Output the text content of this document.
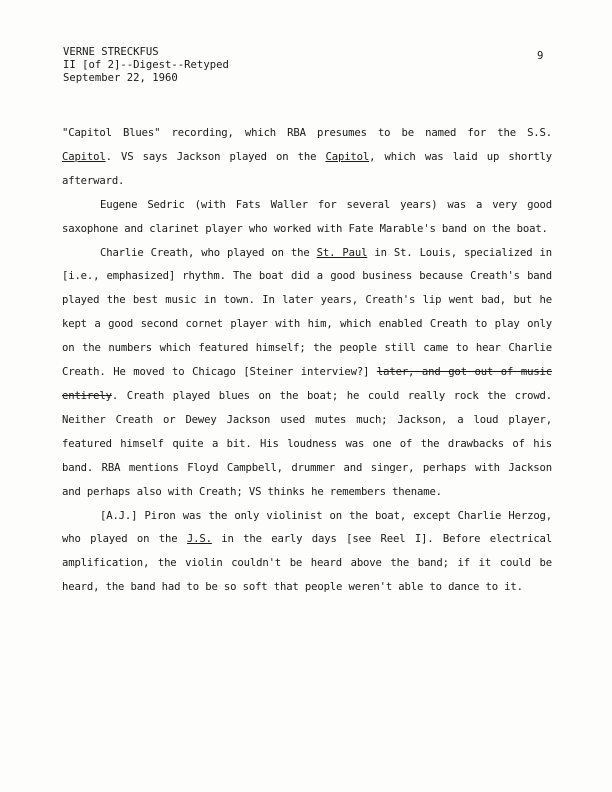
VERNE STRECKFUS
II [of 2]--Digest--Retyped
September 22, 1960
9

"Capitol Blues" recording, which RBA presumes to be named for the S.S. Capitol. VS says Jackson played on the Capitol, which was laid up shortly afterward.

Eugene Sedric (with Fats Waller for several years) was a very good saxophone and clarinet player who worked with Fate Marable's band on the boat.

Charlie Creath, who played on the St. Paul in St. Louis, specialized in [i.e., emphasized] rhythm. The boat did a good business because Creath's band played the best music in town. In later years, Creath's lip went bad, but he kept a good second cornet player with him, which enabled Creath to play only on the numbers which featured himself; the people still came to hear Charlie Creath. He moved to Chicago [Steiner interview?] later, and got out of music entirely. Creath played blues on the boat; he could really rock the crowd. Neither Creath or Dewey Jackson used mutes much; Jackson, a loud player, featured himself quite a bit. His loudness was one of the drawbacks of his band. RBA mentions Floyd Campbell, drummer and singer, perhaps with Jackson and perhaps also with Creath; VS thinks he remembers thename.

[A.J.] Piron was the only violinist on the boat, except Charlie Herzog, who played on the J.S. in the early days [see Reel I]. Before electrical amplification, the violin couldn't be heard above the band; if it could be heard, the band had to be so soft that people weren't able to dance to it.
